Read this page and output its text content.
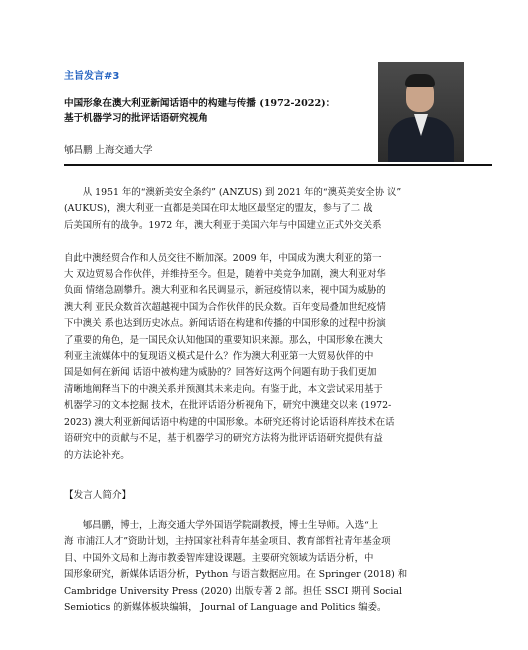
主旨发言#3
中国形象在澳大利亚新闻话语中的构建与传播 (1972-2022)：
基于机器学习的批评话语研究视角
郇昌鹏 上海交通大学
　　从 1951 年的“澳新美安全条约” (ANZUS) 到 2021 年的“澳英美安全协 议”
(AUKUS)，澳大利亚一直都是美国在印太地区最坚定的盟友，参与了二 战
后美国所有的战争。1972 年，澳大利亚于美国六年与中国建立正式外交关系

自此中澳经贸合作和人员交往不断加深。2009 年，中国成为澳大利亚的第一
大 双边贸易合作伙伴，并维持至今。但是，随着中美竞争加剧，澳大利亚对华
负面 情绪急剧攀升。澳大利亚和名民调显示，新冠疫情以来，视中国为威胁的
澳大利 亚民众数首次超越视中国为合作伙伴的民众数。百年变局叠加世纪疫情
下中澳关 系也达到历史冰点。新闻话语在构建和传播的中国形象的过程中扮演
了重要的角色，是一国民众认知他国的重要知识来源。那么，中国形象在澳大
利亚主流媒体中的复现语义模式是什么？作为澳大利亚第一大贸易伙伴的中
国是如何在新闻 话语中被构建为威胁的？回答好这两个问题有助于我们更加
清晰地阐释当下的中澳关系并预测其未来走向。有鉴于此，本文尝试采用基于
机器学习的文本挖掘 技术，在批评话语分析视角下，研究中澳建交以来 (1972-
2023) 澳大利亚新闻话语中构建的中国形象。本研究还将讨论话语科库技术在话
语研究中的贡献与不足，基于机器学习的研究方法将为批评话语研究提供有益
的方法论补充。
【发言人简介】
　　郇昌鹏，博士，上海交通大学外国语学院副教授，博士生导师。入选“上
海 市浦江人才”资助计划，主持国家社科青年基金项目、教育部哲社青年基金项
目、中国外文局和上海市教委智库建设课题。主要研究领域为话语分析，中
国形象研究，新媒体话语分析，Python 与语言数据应用。在 Springer (2018) 和
Cambridge University Press (2020) 出版专著 2 部。担任 SSCI 期刊 Social
Semiotics 的新媒体板块编辑， Journal of Language and Politics 编委。
